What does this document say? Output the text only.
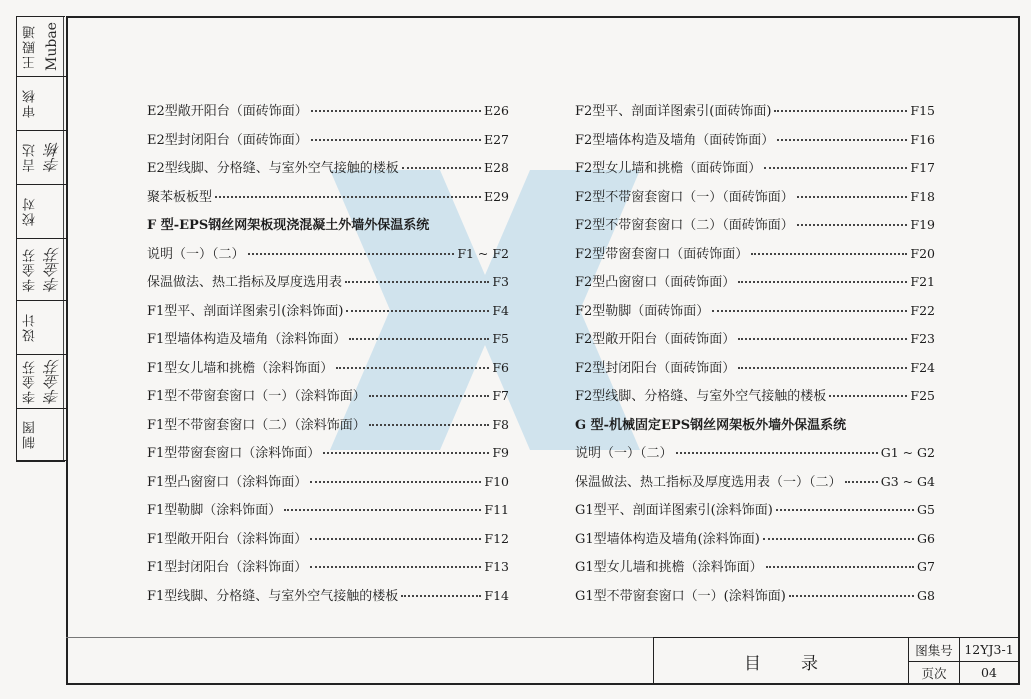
王殿通 Mubae
审核
吉达 李栋
校对
李金芬 李金芬
设计
李金芬 李金芬
制图
E2型敞开阳台（面砖饰面）	E26
E2型封闭阳台（面砖饰面）	E27
E2型线脚、分格缝、与室外空气接触的楼板	E28
聚苯板板型	E29
F 型-EPS钢丝网架板现浇混凝土外墙外保温系统
说明（一）（二）	F1 ~ F2
保温做法、热工指标及厚度选用表	F3
F1型平、剖面详图索引(涂料饰面)	F4
F1型墙体构造及墙角（涂料饰面）	F5
F1型女儿墙和挑檐（涂料饰面）	F6
F1型不带窗套窗口（一）（涂料饰面）	F7
F1型不带窗套窗口（二）（涂料饰面）	F8
F1型带窗套窗口（涂料饰面）	F9
F1型凸窗窗口（涂料饰面）	F10
F1型勒脚（涂料饰面）	F11
F1型敞开阳台（涂料饰面）	F12
F1型封闭阳台（涂料饰面）	F13
F1型线脚、分格缝、与室外空气接触的楼板	F14
F2型平、剖面详图索引(面砖饰面)	F15
F2型墙体构造及墙角（面砖饰面）	F16
F2型女儿墙和挑檐（面砖饰面）	F17
F2型不带窗套窗口（一）（面砖饰面）	F18
F2型不带窗套窗口（二）（面砖饰面）	F19
F2型带窗套窗口（面砖饰面）	F20
F2型凸窗窗口（面砖饰面）	F21
F2型勒脚（面砖饰面）	F22
F2型敞开阳台（面砖饰面）	F23
F2型封闭阳台（面砖饰面）	F24
F2型线脚、分格缝、与室外空气接触的楼板	F25
G 型-机械固定EPS钢丝网架板外墙外保温系统
说明（一）（二）	G1 ~ G2
保温做法、热工指标及厚度选用表（一）（二）	G3 ~ G4
G1型平、剖面详图索引(涂料饰面)	G5
G1型墙体构造及墙角(涂料饰面)	G6
G1型女儿墙和挑檐（涂料饰面）	G7
G1型不带窗套窗口（一）(涂料饰面)	G8
目录
图集号 12YJ3-1
页次	04
